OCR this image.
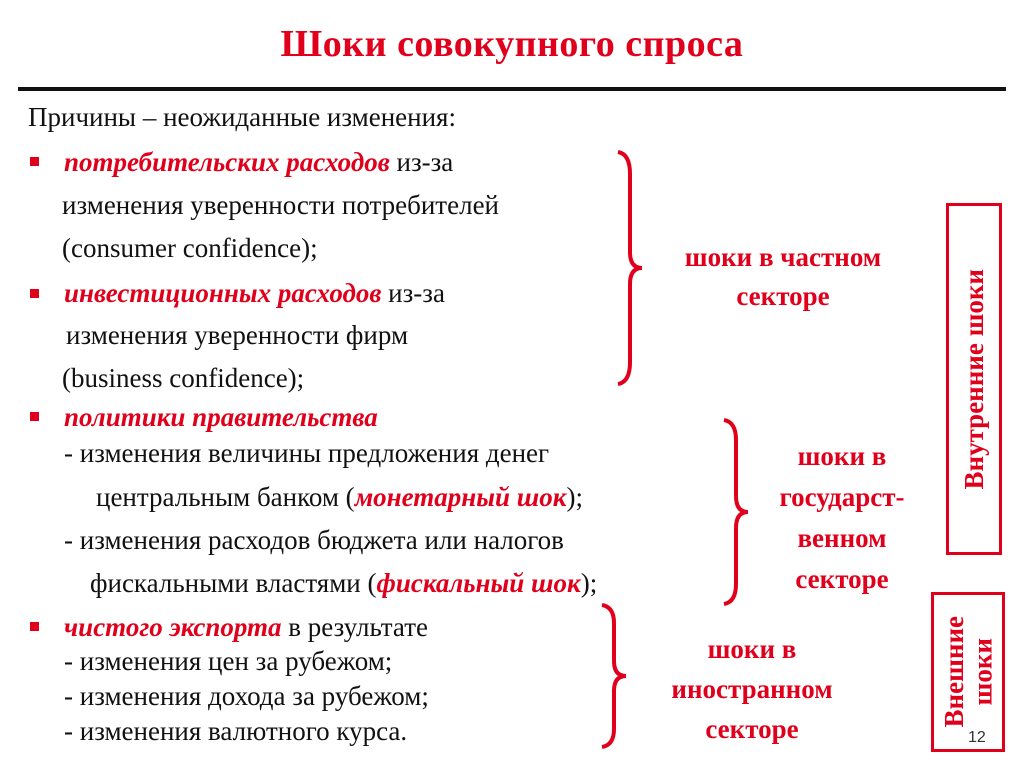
Шоки совокупного спроса
Причины – неожиданные изменения:
потребительских расходов из-за
изменения уверенности потребителей
(consumer confidence);
инвестиционных расходов из-за
изменения уверенности фирм
(business confidence);
политики правительства
- изменения величины предложения денег
центральным банком (монетарный шок);
- изменения расходов бюджета или налогов
фискальными властями (фискальный шок);
чистого экспорта в результате
- изменения цен за рубежом;
- изменения дохода за рубежом;
- изменения валютного курса.
шоки в частном
секторе
шоки в
государст-
венном
секторе
шоки в
иностранном
секторе
Внутренние шоки
Внешние
шоки
12
